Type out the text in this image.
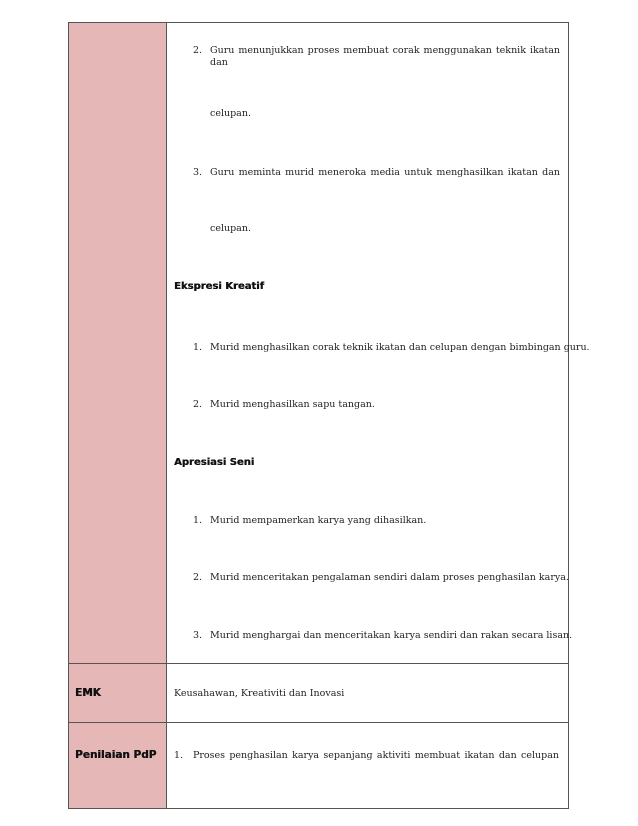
2. Guru menunjukkan proses membuat corak menggunakan teknik ikatan dan
celupan.
3. Guru meminta murid meneroka media untuk menghasilkan ikatan dan
celupan.
Ekspresi Kreatif
1. Murid menghasilkan corak teknik ikatan dan celupan dengan bimbingan guru.
2. Murid menghasilkan sapu tangan.
Apresiasi Seni
1. Murid mempamerkan karya yang dihasilkan.
2. Murid menceritakan pengalaman sendiri dalam proses penghasilan karya.
3. Murid menghargai dan menceritakan karya sendiri dan rakan secara lisan.
EMK	Keusahawan, Kreativiti dan Inovasi
Penilaian PdP 1. Proses penghasilan karya sepanjang aktiviti membuat ikatan dan celupan
